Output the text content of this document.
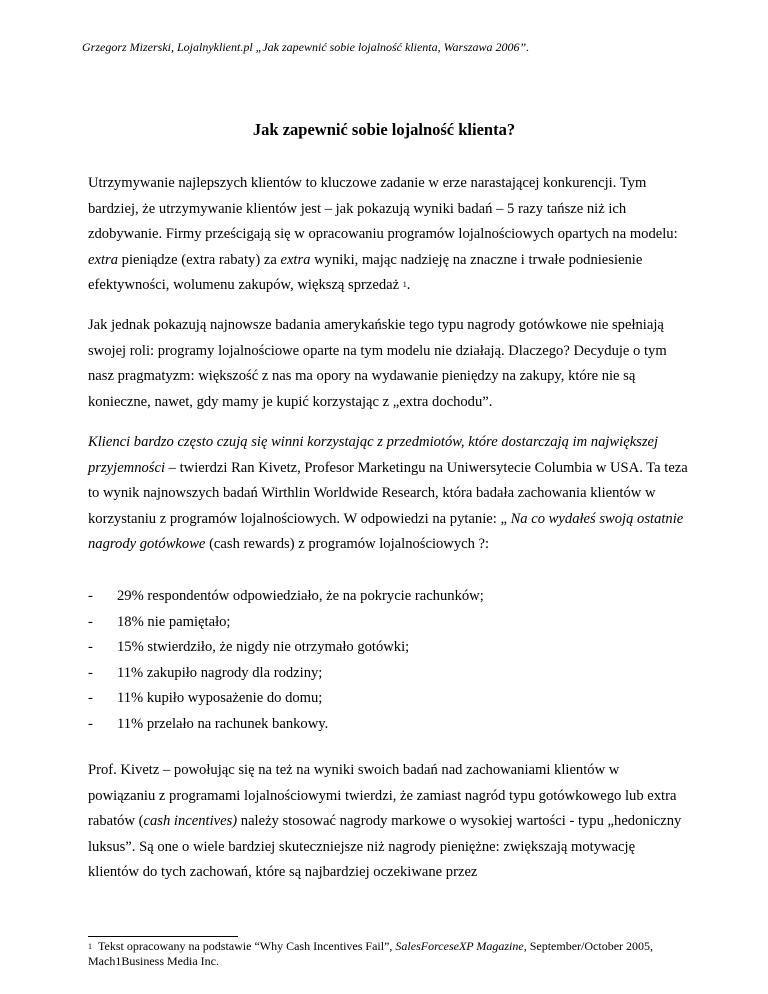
Grzegorz Mizerski, Lojalnyklient.pl „Jak zapewnić sobie lojalność klienta, Warszawa 2006”.
Jak zapewnić sobie lojalność klienta?

Utrzymywanie najlepszych klientów to kluczowe zadanie w erze narastającej konkurencji. Tym bardziej, że utrzymywanie klientów jest – jak pokazują wyniki badań – 5 razy tańsze niż ich zdobywanie. Firmy prześcigają się w opracowaniu programów lojalnościowych opartych na modelu: extra pieniądze (extra rabaty) za extra wyniki, mając nadzieję na znaczne i trwałe podniesienie efektywności, wolumenu zakupów, większą sprzedaż $^1$.

Jak jednak pokazują najnowsze badania amerykańskie tego typu nagrody gotówkowe nie spełniają swojej roli: programy lojalnościowe oparte na tym modelu nie działają. Dlaczego? Decyduje o tym nasz pragmatyzm: większość z nas ma opory na wydawanie pieniędzy na zakupy, które nie są konieczne, nawet, gdy mamy je kupić korzystając z „extra dochodu”.

Klienci bardzo często czują się winni korzystając z przedmiotów, które dostarczają im największej przyjemności – twierdzi Ran Kivetz, Profesor Marketingu na Uniwersytecie Columbia w USA. Ta teza to wynik najnowszych badań Wirthlin Worldwide Research, która badała zachowania klientów w korzystaniu z programów lojalnościowych. W odpowiedzi na pytanie: „ Na co wydałeś swoją ostatnie nagrody gotówkowe (cash rewards) z programów lojalnościowych ?:

- 29% respondentów odpowiedziało, że na pokrycie rachunków;
- 18% nie pamiętało;
- 15% stwierdziło, że nigdy nie otrzymało gotówki;
- 11% zakupiło nagrody dla rodziny;
- 11% kupiło wyposażenie do domu;
- 11% przelało na rachunek bankowy.

Prof. Kivetz – powołując się na też na wyniki swoich badań nad zachowaniami klientów w powiązaniu z programami lojalnościowymi twierdzi, że zamiast nagród typu gotówkowego lub extra rabatów (cash incentives) należy stosować nagrody markowe o wysokiej wartości - typu „hedoniczny luksus”. Są one o wiele bardziej skuteczniejsze niż nagrody pieniężne: zwiększają motywację klientów do tych zachowań, które są najbardziej oczekiwane przez

$^1$ Tekst opracowany na podstawie “Why Cash Incentives Fail”, SalesForceseXP Magazine, September/October 2005, Mach1Business Media Inc.
